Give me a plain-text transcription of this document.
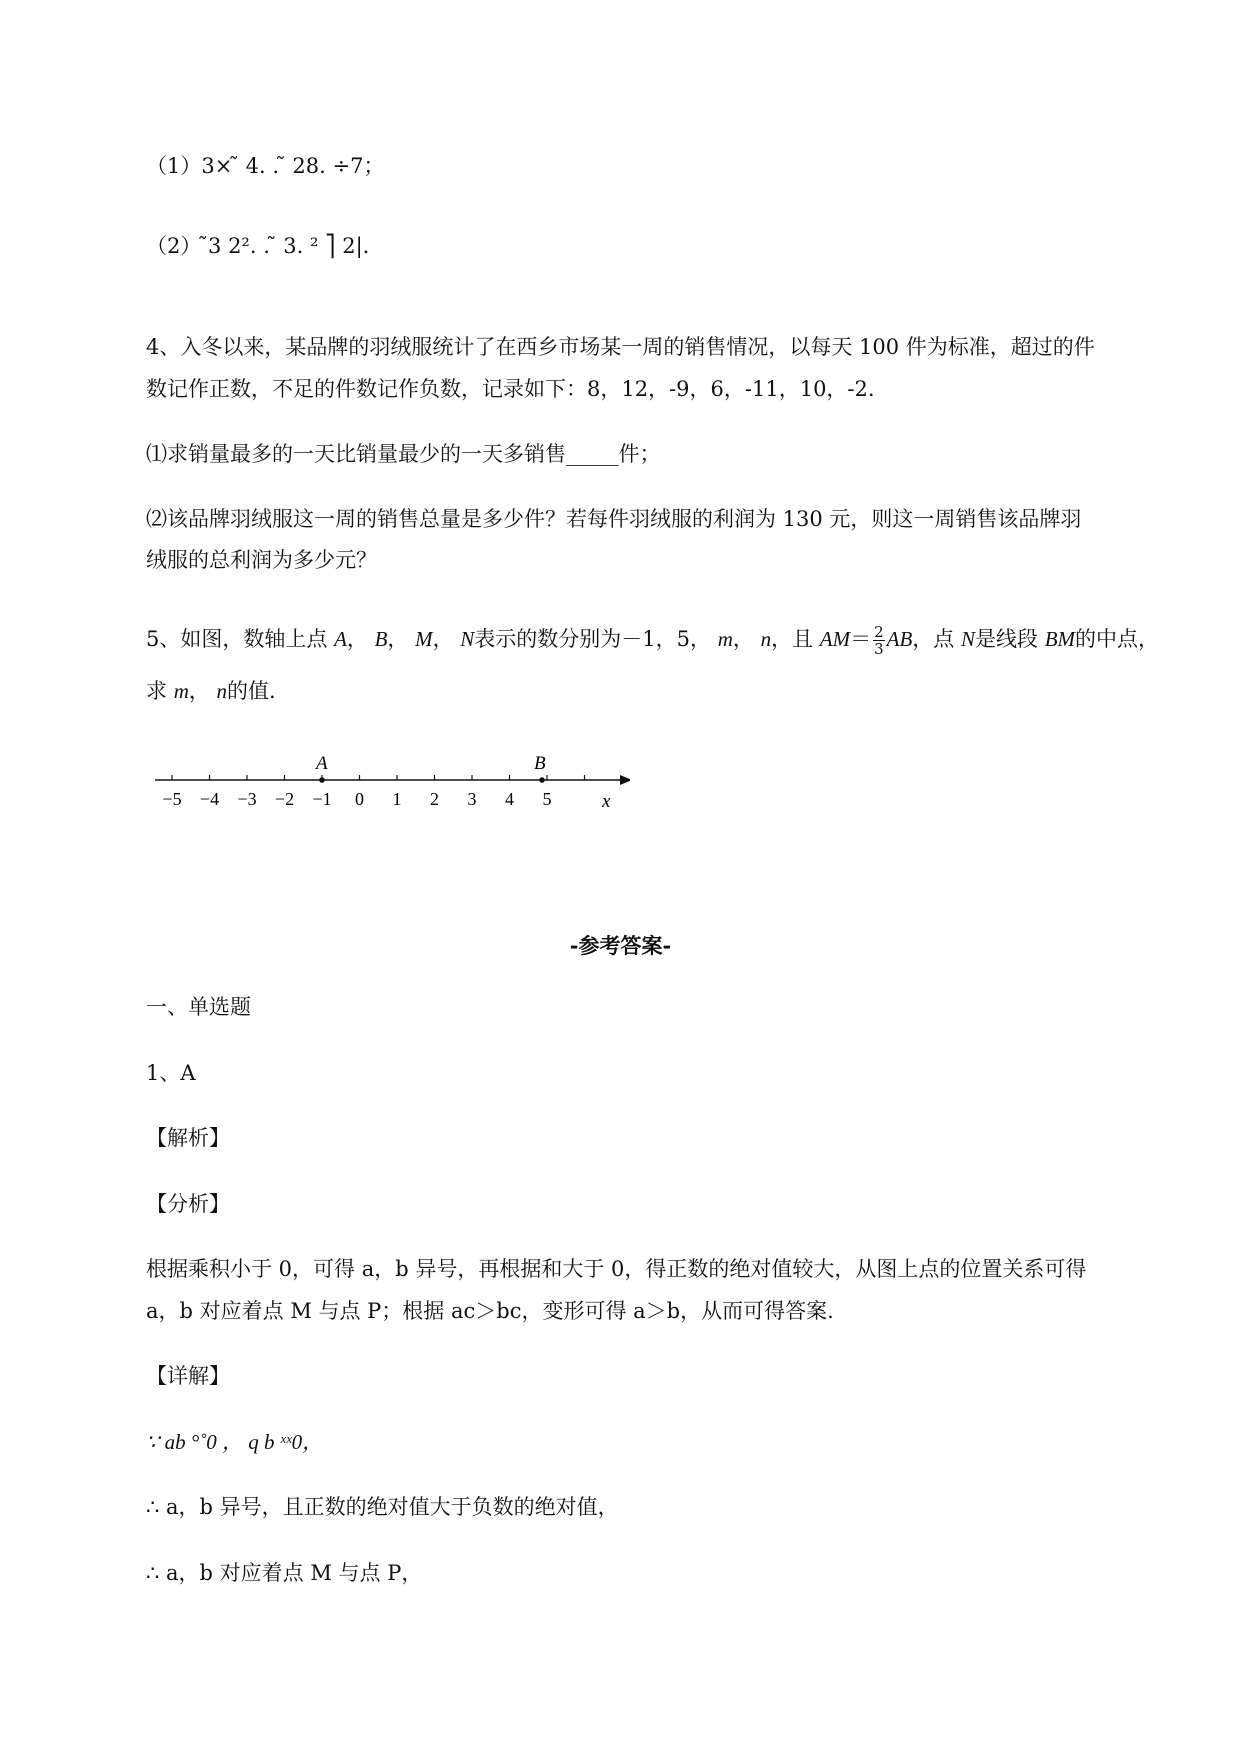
（1）3× ̃ 4. . ̃ 28. ÷7；
（2） ̃3 2². . ̃ 3. ² ⎤ 2|.
4、入冬以来，某品牌的羽绒服统计了在西乡市场某一周的销售情况，以每天 100 件为标准，超过的件
数记作正数，不足的件数记作负数，记录如下：8，12，-9，6，-11，10，-2.
⑴求销量最多的一天比销量最少的一天多销售_____件；
⑵该品牌羽绒服这一周的销售总量是多少件？若每件羽绒服的利润为 130 元，则这一周销售该品牌羽
绒服的总利润为多少元？
5、如图，数轴上点 A， B， M， N表示的数分别为－1，5， m， n，且 $AM= \frac{2}{3}$ AB，点 N是线段 BM的中点，
求 m， n的值.
−5 −4 −3 −2 −1 0 1 2 3 4 5
A	B
x
-参考答案-
一、单选题
1、A
【解析】
【分析】
根据乘积小于 0，可得 a，b 异号，再根据和大于 0，得正数的绝对值较大，从图上点的位置关系可得
a，b 对应着点 M 与点 P；根据 ac＞bc，变形可得 a＞b，从而可得答案.
【详解】
∵ ab °˚0 ， q b ˣˣ0，
∴ a，b 异号，且正数的绝对值大于负数的绝对值，
∴ a，b 对应着点 M 与点 P，
